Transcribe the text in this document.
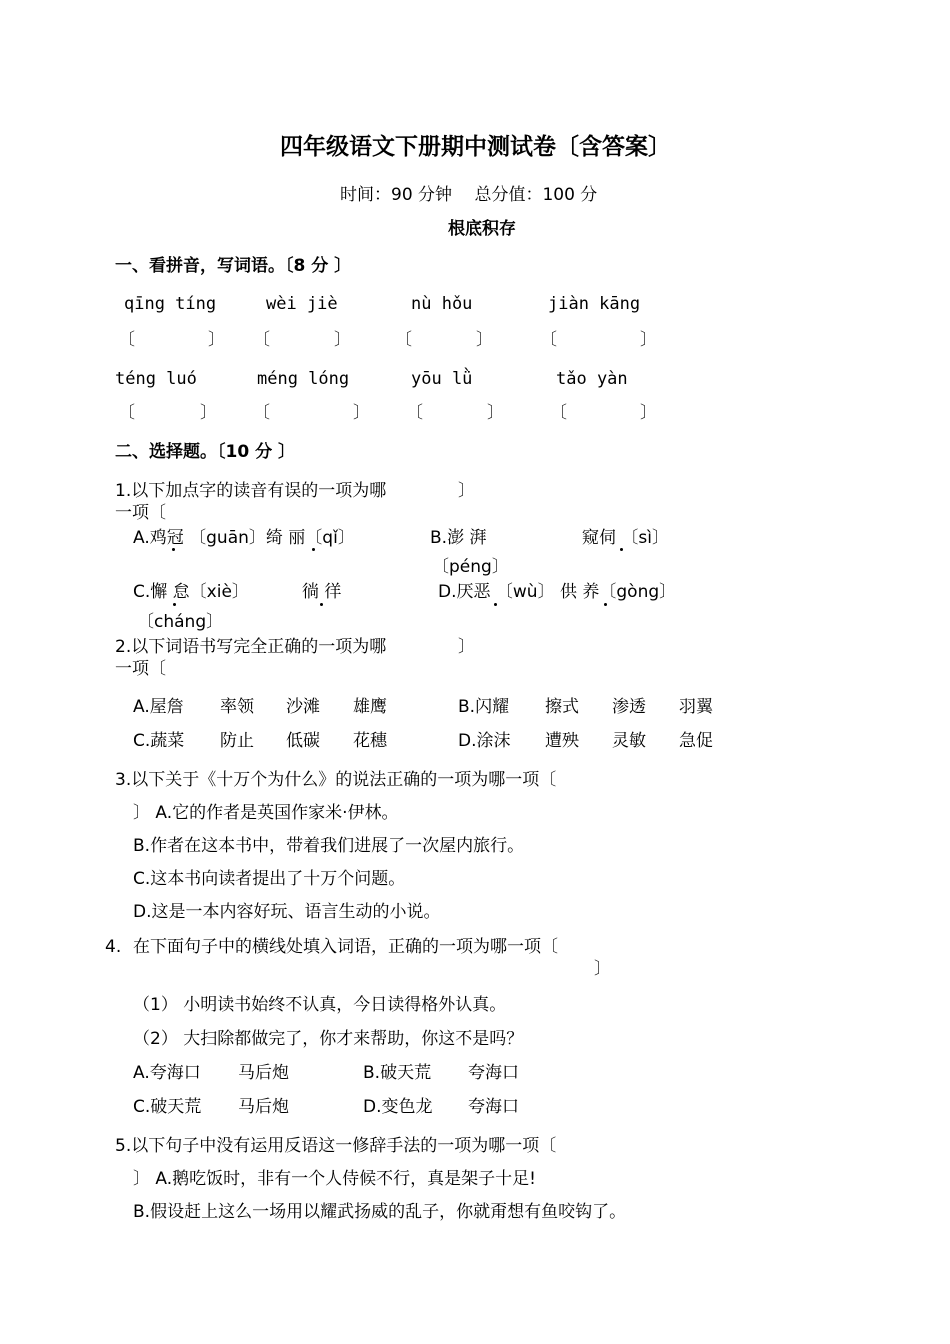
四年级语文下册期中测试卷〔含答案〕
时间：90 分钟　 总分值：100 分
根底积存
一、看拼音，写词语。〔8 分 〕
qīng tíng	wèi jiè	nù hǒu	jiàn kāng
〔	〕 〔	〕	〔	〕	〔	〕
téng luó	méng lóng	yōu lǜ	tǎo yàn
〔	〕 〔	〕 〔	〕	〔	〕
二、选择题。〔10 分 〕
1.以下加点字的读音有误的一项为哪	〕
一项〔
A.鸡冠 〔guān〕绮 丽〔qǐ〕	B.澎 湃	窥伺 〔sì〕
〔péng〕
C.懈 怠〔xiè〕	徜 徉	D.厌恶 〔wù〕 供 养〔gòng〕
〔cháng〕
2.以下词语书写完全正确的一项为哪	〕
一项〔
A.屋詹 率领 沙滩 雄鹰	B.闪耀 擦式 渗透 羽翼
C.蔬菜 防止 低碳 花穗	D.涂沫 遭殃 灵敏 急促
3.以下关于《十万个为什么》的说法正确的一项为哪一项〔
〕 A.它的作者是英国作家米·伊林。
B.作者在这本书中，带着我们进展了一次屋内旅行。
C.这本书向读者提出了十万个问题。
D.这是一本内容好玩、语言生动的小说。
4. 在下面句子中的横线处填入词语，正确的一项为哪一项〔
〕
（1） 小明读书始终不认真，今日读得格外认真。
（2） 大扫除都做完了，你才来帮助，你这不是吗？
A.夸海口 马后炮	B.破天荒 夸海口
C.破天荒 马后炮	D.变色龙 夸海口
5.以下句子中没有运用反语这一修辞手法的一项为哪一项〔
〕 A.鹅吃饭时，非有一个人侍候不行，真是架子十足!
B.假设赶上这么一场用以耀武扬威的乱子，你就甭想有鱼咬钩了。
